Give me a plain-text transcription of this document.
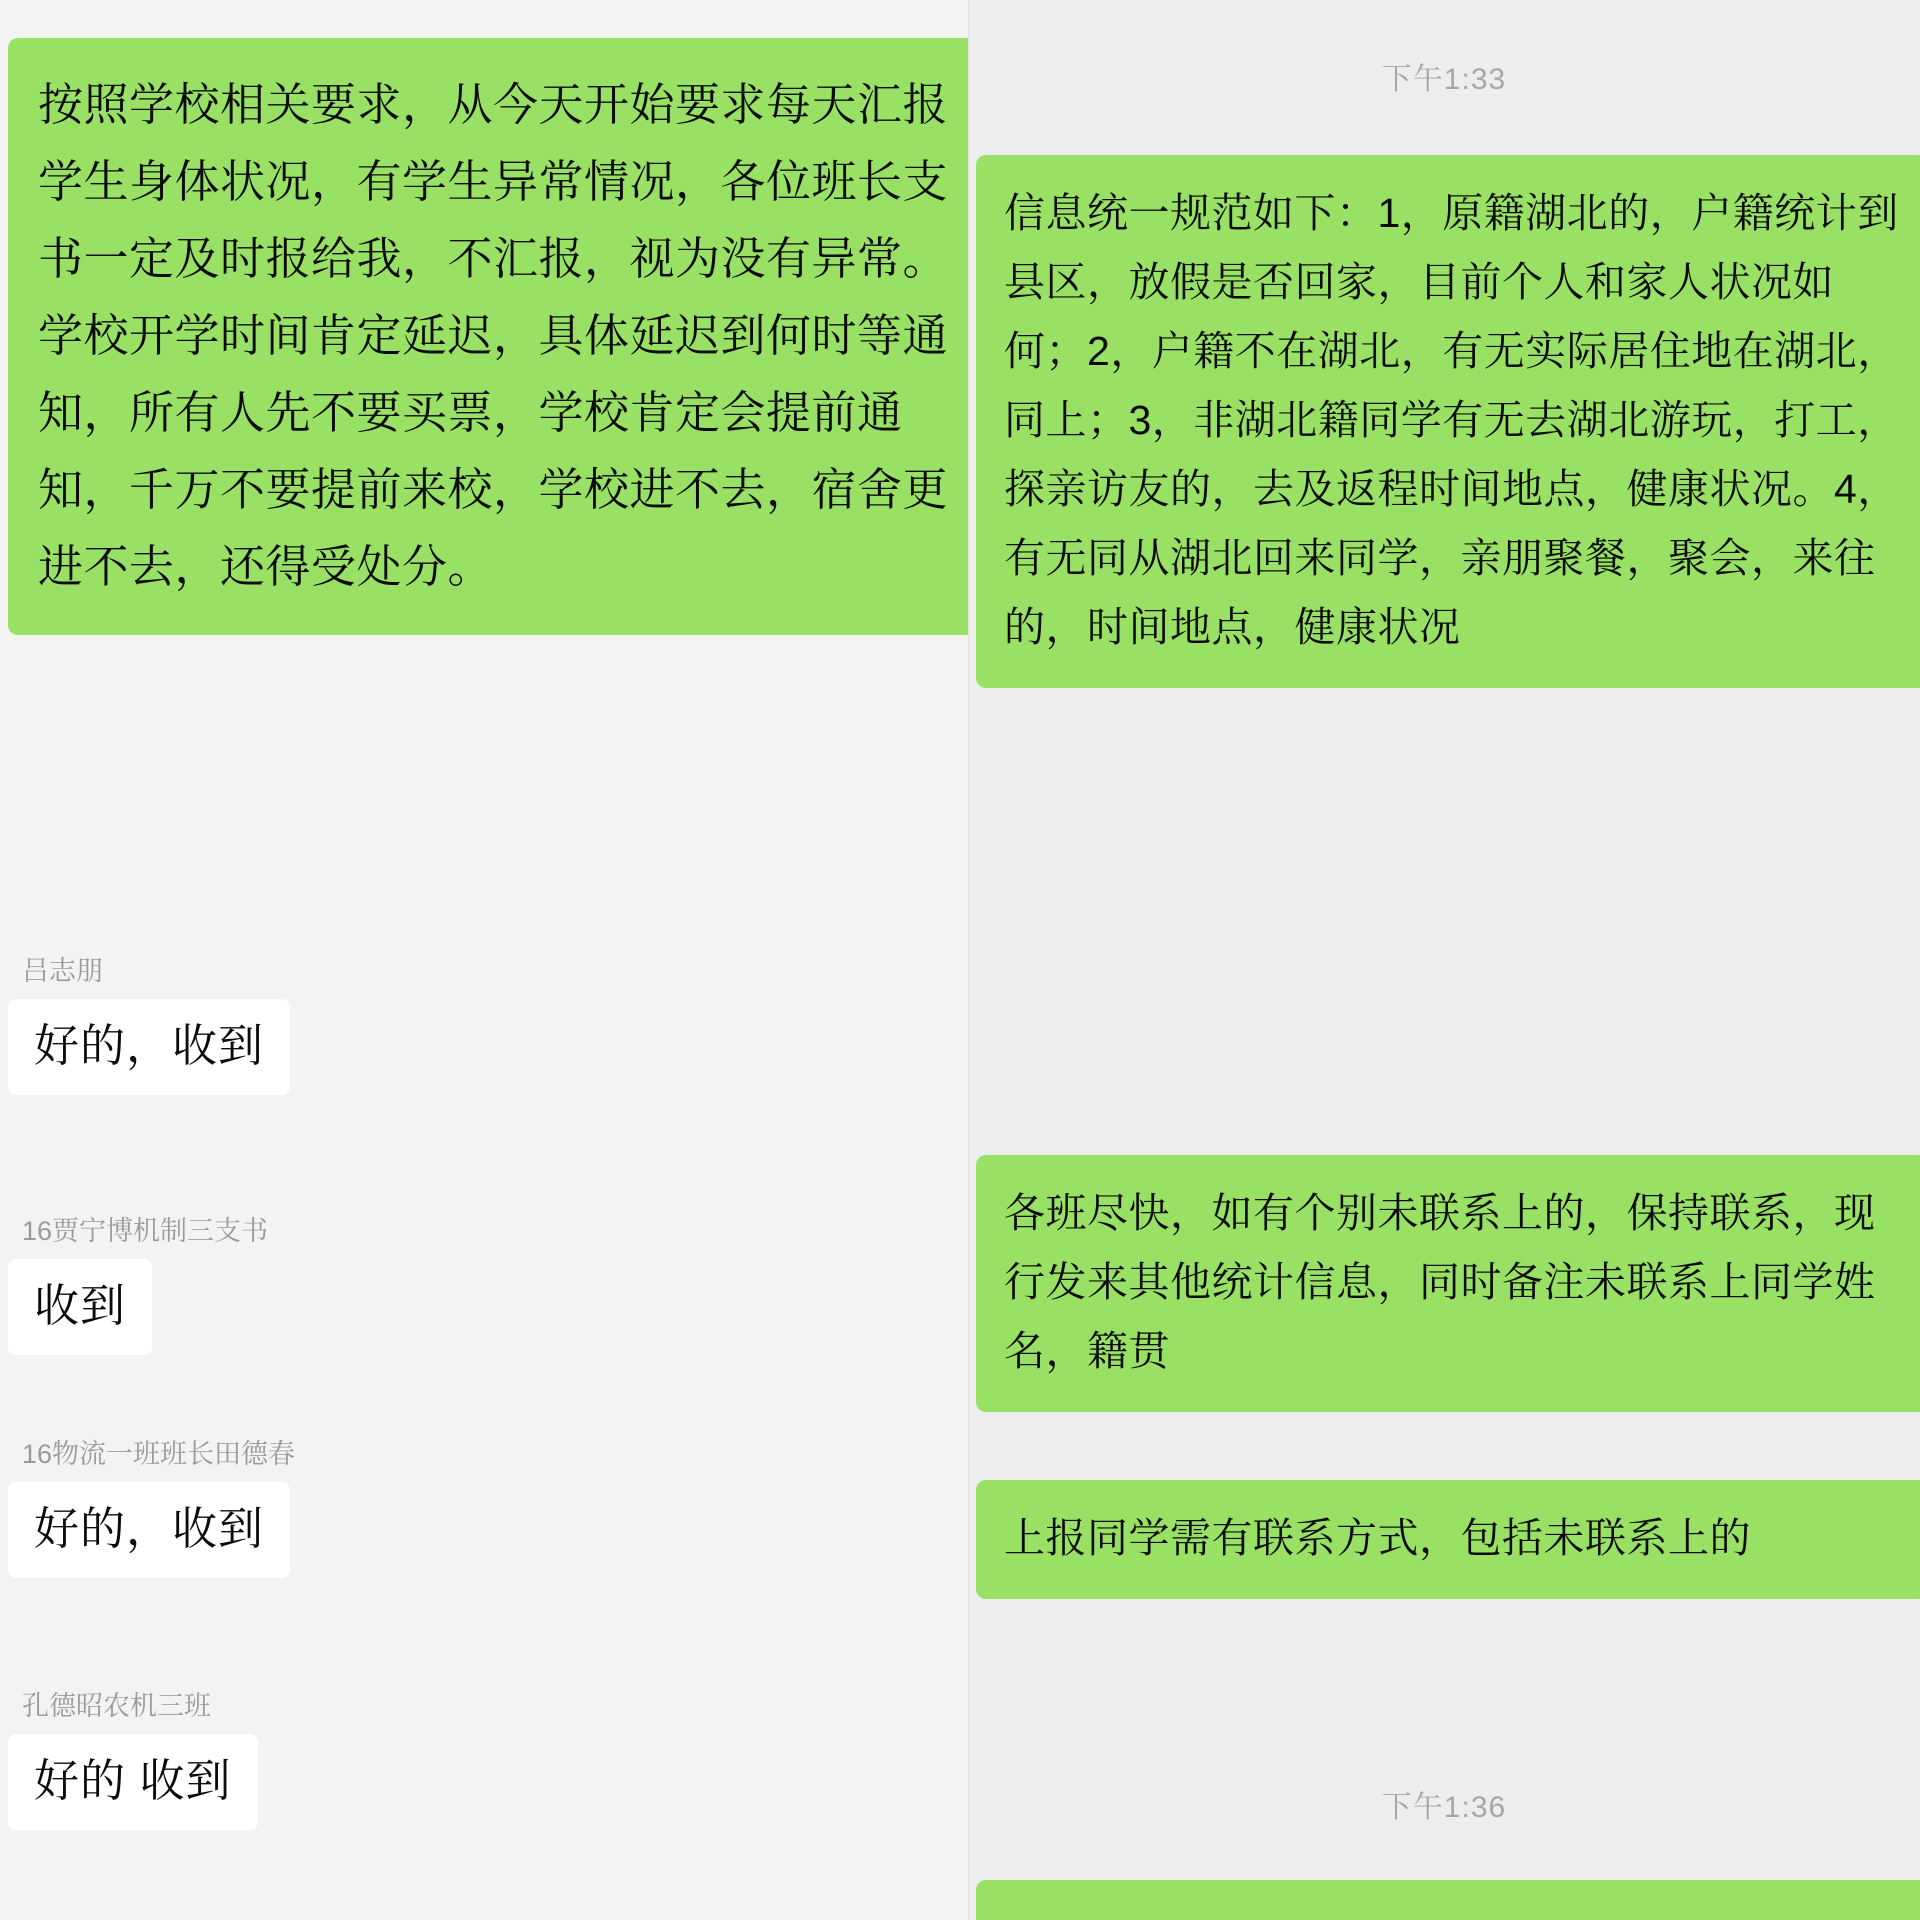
按照学校相关要求，从今天开始要求每天汇报学生身体状况，有学生异常情况，各位班长支书一定及时报给我，不汇报，视为没有异常。学校开学时间肯定延迟，具体延迟到何时等通知，所有人先不要买票，学校肯定会提前通知，千万不要提前来校，学校进不去，宿舍更进不去，还得受处分。

吕志朋
好的，收到
16贾宁博机制三支书
收到
16物流一班班长田德春
好的，收到
孔德昭农机三班
好的 收到
下午1:33

信息统一规范如下：1，原籍湖北的，户籍统计到县区，放假是否回家，目前个人和家人状况如何；2，户籍不在湖北，有无实际居住地在湖北，同上；3，非湖北籍同学有无去湖北游玩，打工，探亲访友的，去及返程时间地点，健康状况。4，有无同从湖北回来同学，亲朋聚餐，聚会，来往的，时间地点，健康状况

各班尽快，如有个别未联系上的，保持联系，现行发来其他统计信息，同时备注未联系上同学姓名，籍贯

上报同学需有联系方式，包括未联系上的

下午1:36
